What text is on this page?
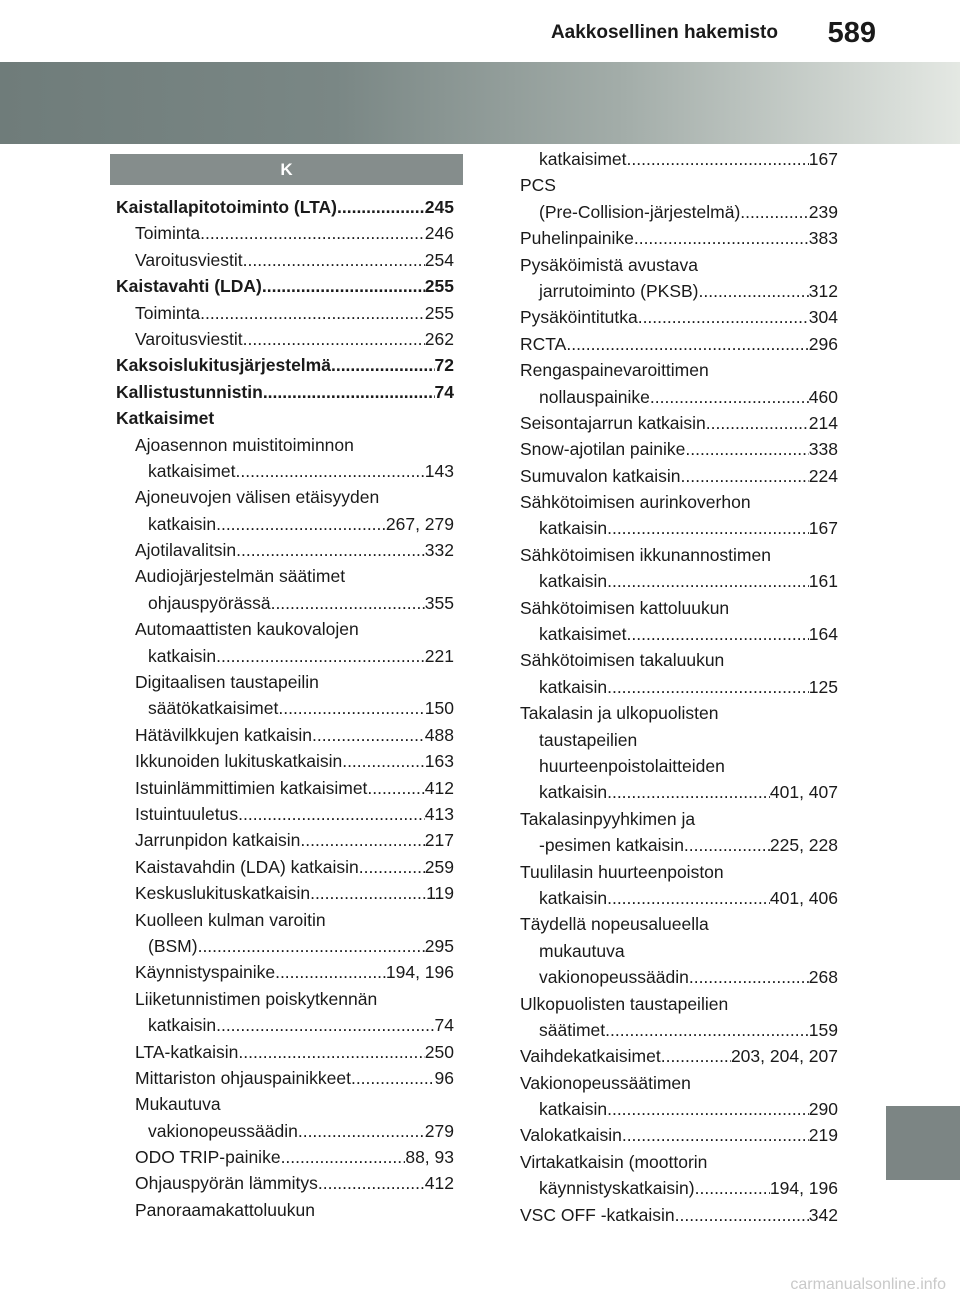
Aakkosellinen hakemisto 589
K
Kaistallapitotoiminto (LTA) .....	245
Toiminta .....	246
Varoitusviestit .....	254
Kaistavahti (LDA) .....	255
Toiminta .....	255
Varoitusviestit .....	262
Kaksoislukitusjärjestelmä .....	72
Kallistustunnistin .....	74
Katkaisimet
Ajoasennon muistitoiminnon
katkaisimet .....	143
Ajoneuvojen välisen etäisyyden
katkaisin .....	267, 279
Ajotilavalitsin .....	332
Audiojärjestelmän säätimet
ohjauspyörässä .....	355
Automaattisten kaukovalojen
katkaisin .....	221
Digitaalisen taustapeilin
säätökatkaisimet .....	150
Hätävilkkujen katkaisin .....	488
Ikkunoiden lukituskatkaisin .....	163
Istuinlämmittimien katkaisimet .....	412
Istuintuuletus .....	413
Jarrunpidon katkaisin .....	217
Kaistavahdin (LDA) katkaisin .....	259
Keskuslukituskatkaisin .....	119
Kuolleen kulman varoitin
(BSM) .....	295
Käynnistyspainike .....	194, 196
Liiketunnistimen poiskytkennän
katkaisin .....	74
LTA-katkaisin .....	250
Mittariston ohjauspainikkeet .....	96
Mukautuva
vakionopeussäädin .....	279
ODO TRIP-painike .....	88, 93
Ohjauspyörän lämmitys .....	412
Panoraamakattoluukun
katkaisimet .....	167
PCS
(Pre-Collision-järjestelmä) .....	239
Puhelinpainike .....	383
Pysäköimistä avustava
jarrutoiminto (PKSB) .....	312
Pysäköintitutka .....	304
RCTA .....	296
Rengaspainevaroittimen
nollauspainike .....	460
Seisontajarrun katkaisin .....	214
Snow-ajotilan painike .....	338
Sumuvalon katkaisin .....	224
Sähkötoimisen aurinkoverhon
katkaisin .....	167
Sähkötoimisen ikkunannostimen
katkaisin .....	161
Sähkötoimisen kattoluukun
katkaisimet .....	164
Sähkötoimisen takaluukun
katkaisin .....	125
Takalasin ja ulkopuolisten
taustapeilien
huurteenpoistolaitteiden
katkaisin .....	401, 407
Takalasinpyyhkimen ja
-pesimen katkaisin .....	225, 228
Tuulilasin huurteenpoiston
katkaisin .....	401, 406
Täydellä nopeusalueella
mukautuva
vakionopeussäädin .....	268
Ulkopuolisten taustapeilien
säätimet .....	159
Vaihdekatkaisimet .....	203, 204, 207
Vakionopeussäätimen
katkaisin .....	290
Valokatkaisin .....	219
Virtakatkaisin (moottorin
käynnistyskatkaisin) .....	194, 196
VSC OFF -katkaisin .....	342
carmanualsonline.info
